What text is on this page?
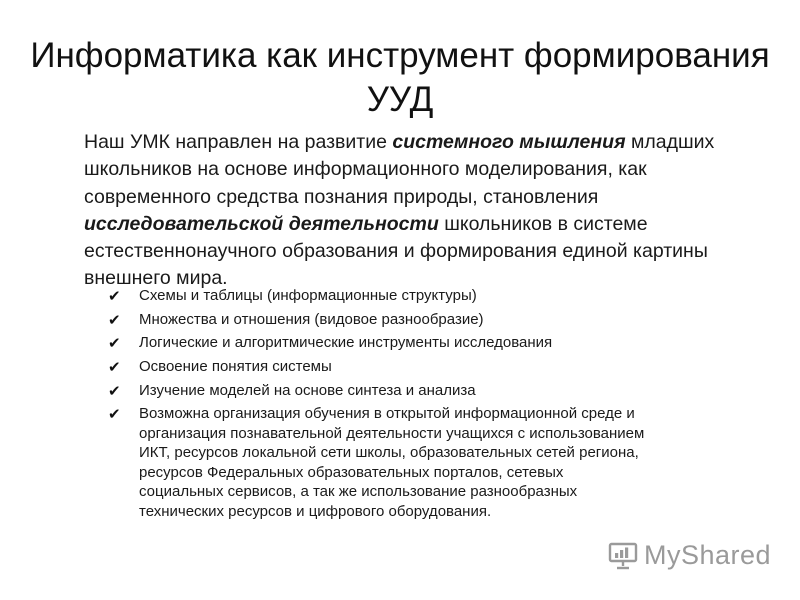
Информатика как инструмент формирования
УУД

Наш УМК направлен на развитие системного мышления младших школьников на основе информационного моделирования, как современного средства познания природы, становления исследовательской деятельности школьников в системе естественнонаучного образования и формирования единой картины внешнего мира.

✔ Схемы и таблицы (информационные структуры)
✔ Множества и отношения (видовое разнообразие)
✔ Логические и алгоритмические инструменты исследования
✔ Освоение понятия системы
✔ Изучение моделей на основе синтеза и анализа
✔ Возможна организация обучения в открытой информационной среде и
организация познавательной деятельности учащихся с использованием
ИКТ, ресурсов локальной сети школы, образовательных сетей региона,
ресурсов Федеральных образовательных порталов, сетевых
социальных сервисов, а так же использование разнообразных
технических ресурсов и цифрового оборудования.
MyShared
